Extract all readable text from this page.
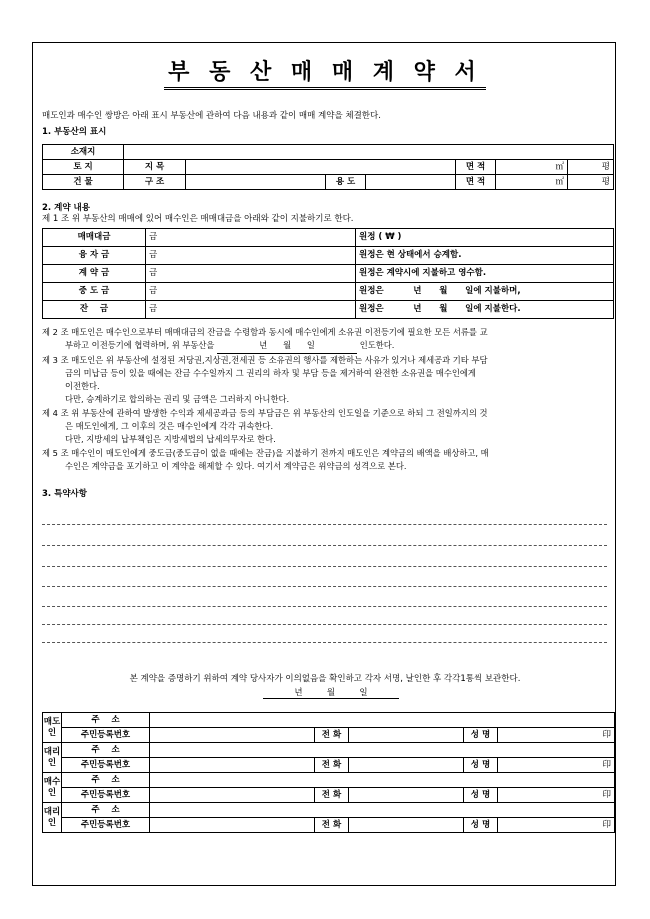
부 동 산 매 매 계 약 서
매도인과 매수인 쌍방은 아래 표시 부동산에 관하여 다음 내용과 같이 매매 계약을 체결한다.
1. 부동산의 표시
소재지							
토 지	지 목				면 적	㎡	평
건 물	구 조		용 도		면 적	㎡	평
2. 계약 내용
제 1 조 위 부동산의 매매에 있어 매수인은 매매대금을 아래와 같이 지불하기로 한다.
매매대금	금	원정 ( ₩ )
융 자 금	금	원정은 현 상태에서 승계함.
계 약 금	금	원정은 계약시에 지불하고 영수함.
중 도 금	금	원정은          년      월      일에 지불하며,
잔    금	금	원정은          년      월      일에 지불한다.
제 2 조 매도인은 매수인으로부터 매매대금의 잔금을 수령함과 동시에 매수인에게 소유권 이전등기에 필요한 모든 서류를 교
부하고 이전등기에 협력하며, 위 부동산을	년      월      일	인도한다.
제 3 조 매도인은 위 부동산에 설정된 저당권,지상권,전세권 등 소유권의 행사를 제한하는 사유가 있거나 제세공과 기타 부담
금의 미납금 등이 있을 때에는 잔금 수수일까지 그 권리의 하자 및 부담 등을 제거하여 완전한 소유권을 매수인에게
이전한다.
다만, 승계하기로 합의하는 권리 및 금액은 그러하지 아니한다.
제 4 조 위 부동산에 관하여 발생한 수익과 제세공과금 등의 부담금은 위 부동산의 인도일을 기준으로 하되 그 전일까지의 것
은 매도인에게, 그 이후의 것은 매수인에게 각각 귀속한다.
다만, 지방세의 납부책임은 지방세법의 납세의무자로 한다.
제 5 조 매수인이 매도인에게 중도금(중도금이 없을 때에는 잔금)을 지불하기 전까지 매도인은 계약금의 배액을 배상하고, 매
수인은 계약금을 포기하고 이 계약을 해제할 수 있다. 여기서 계약금은 위약금의 성격으로 본다.
3. 특약사항
본 계약을 증명하기 위하여 계약 당사자가 이의없음을 확인하고 각자 서명, 날인한 후 각각1통씩 보관한다.
년         월         일
매도인	주    소					
	주민등록번호		전 화		성 명	印
대리인	주    소					
	주민등록번호		전 화		성 명	印
매수인	주    소					
	주민등록번호		전 화		성 명	印
대리인	주    소					
	주민등록번호		전 화		성 명	印
